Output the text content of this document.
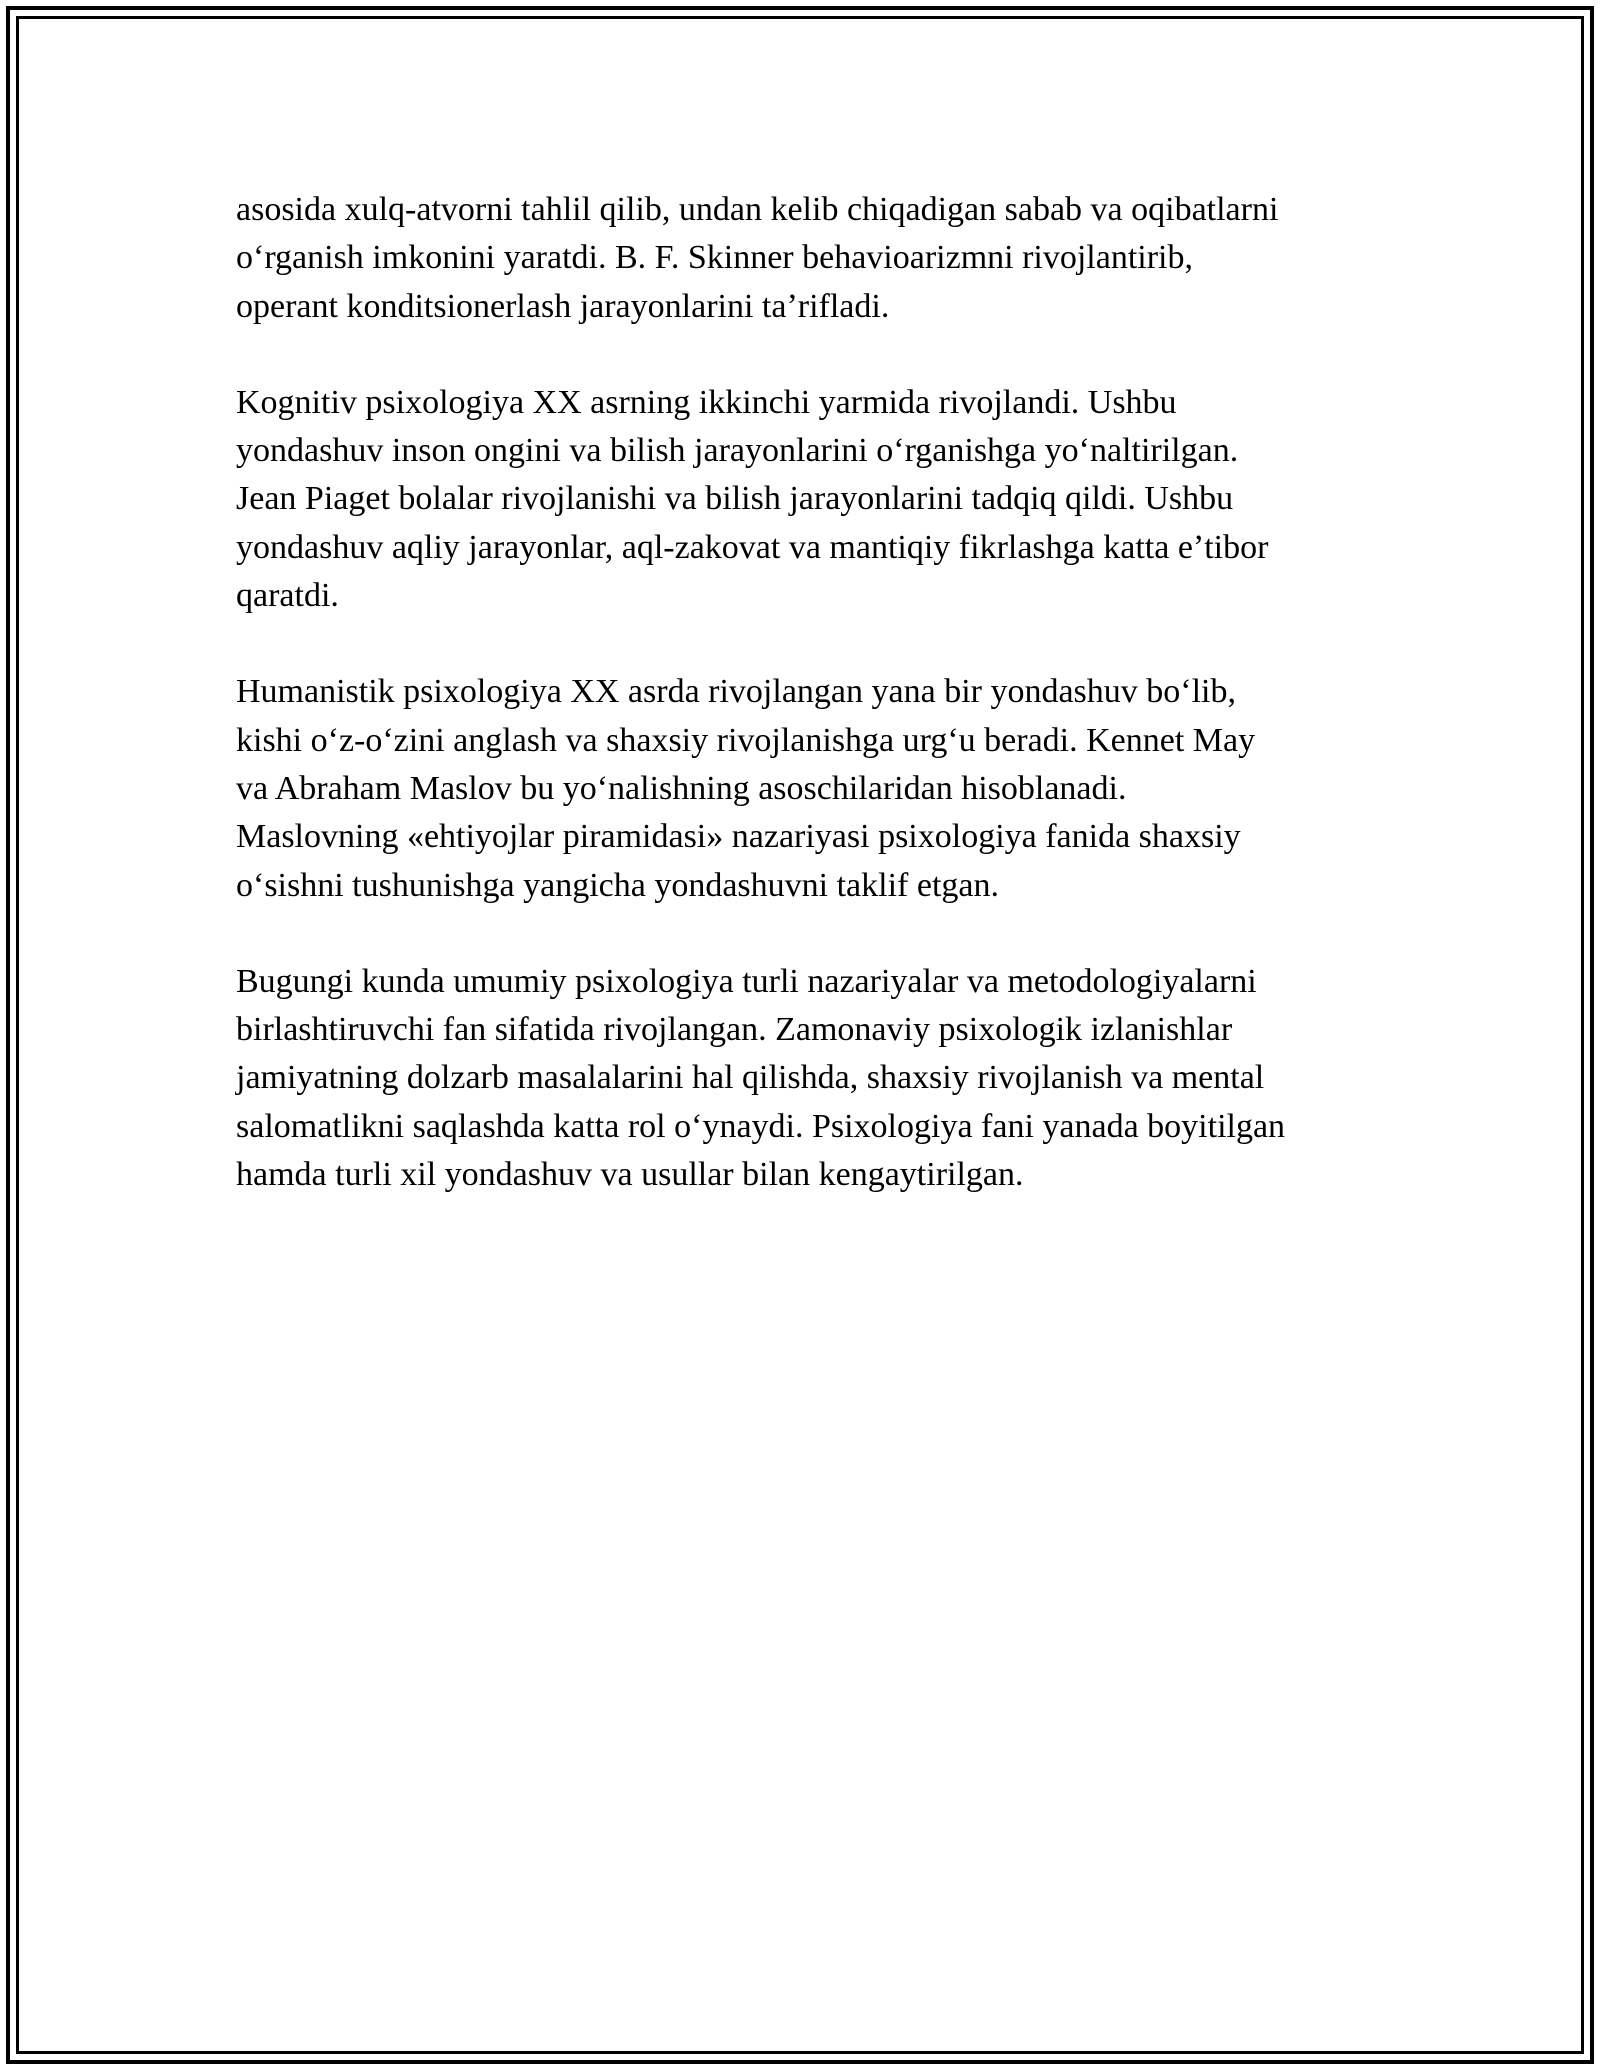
asosida xulq-atvorni tahlil qilib, undan kelib chiqadigan sabab va oqibatlarni
oʻrganish imkonini yaratdi. B. F. Skinner behavioarizmni rivojlantirib,
operant konditsionerlash jarayonlarini taʼrifladi.

Kognitiv psixologiya XX asrning ikkinchi yarmida rivojlandi. Ushbu
yondashuv inson ongini va bilish jarayonlarini oʻrganishga yoʻnaltirilgan.
Jean Piaget bolalar rivojlanishi va bilish jarayonlarini tadqiq qildi. Ushbu
yondashuv aqliy jarayonlar, aql-zakovat va mantiqiy fikrlashga katta eʼtibor
qaratdi.

Humanistik psixologiya XX asrda rivojlangan yana bir yondashuv boʻlib,
kishi oʻz-oʻzini anglash va shaxsiy rivojlanishga urgʻu beradi. Kennet May
va Abraham Maslov bu yoʻnalishning asoschilaridan hisoblanadi.
Maslovning «ehtiyojlar piramidasi» nazariyasi psixologiya fanida shaxsiy
oʻsishni tushunishga yangicha yondashuvni taklif etgan.

Bugungi kunda umumiy psixologiya turli nazariyalar va metodologiyalarni
birlashtiruvchi fan sifatida rivojlangan. Zamonaviy psixologik izlanishlar
jamiyatning dolzarb masalalarini hal qilishda, shaxsiy rivojlanish va mental
salomatlikni saqlashda katta rol oʻynaydi. Psixologiya fani yanada boyitilgan
hamda turli xil yondashuv va usullar bilan kengaytirilgan.
